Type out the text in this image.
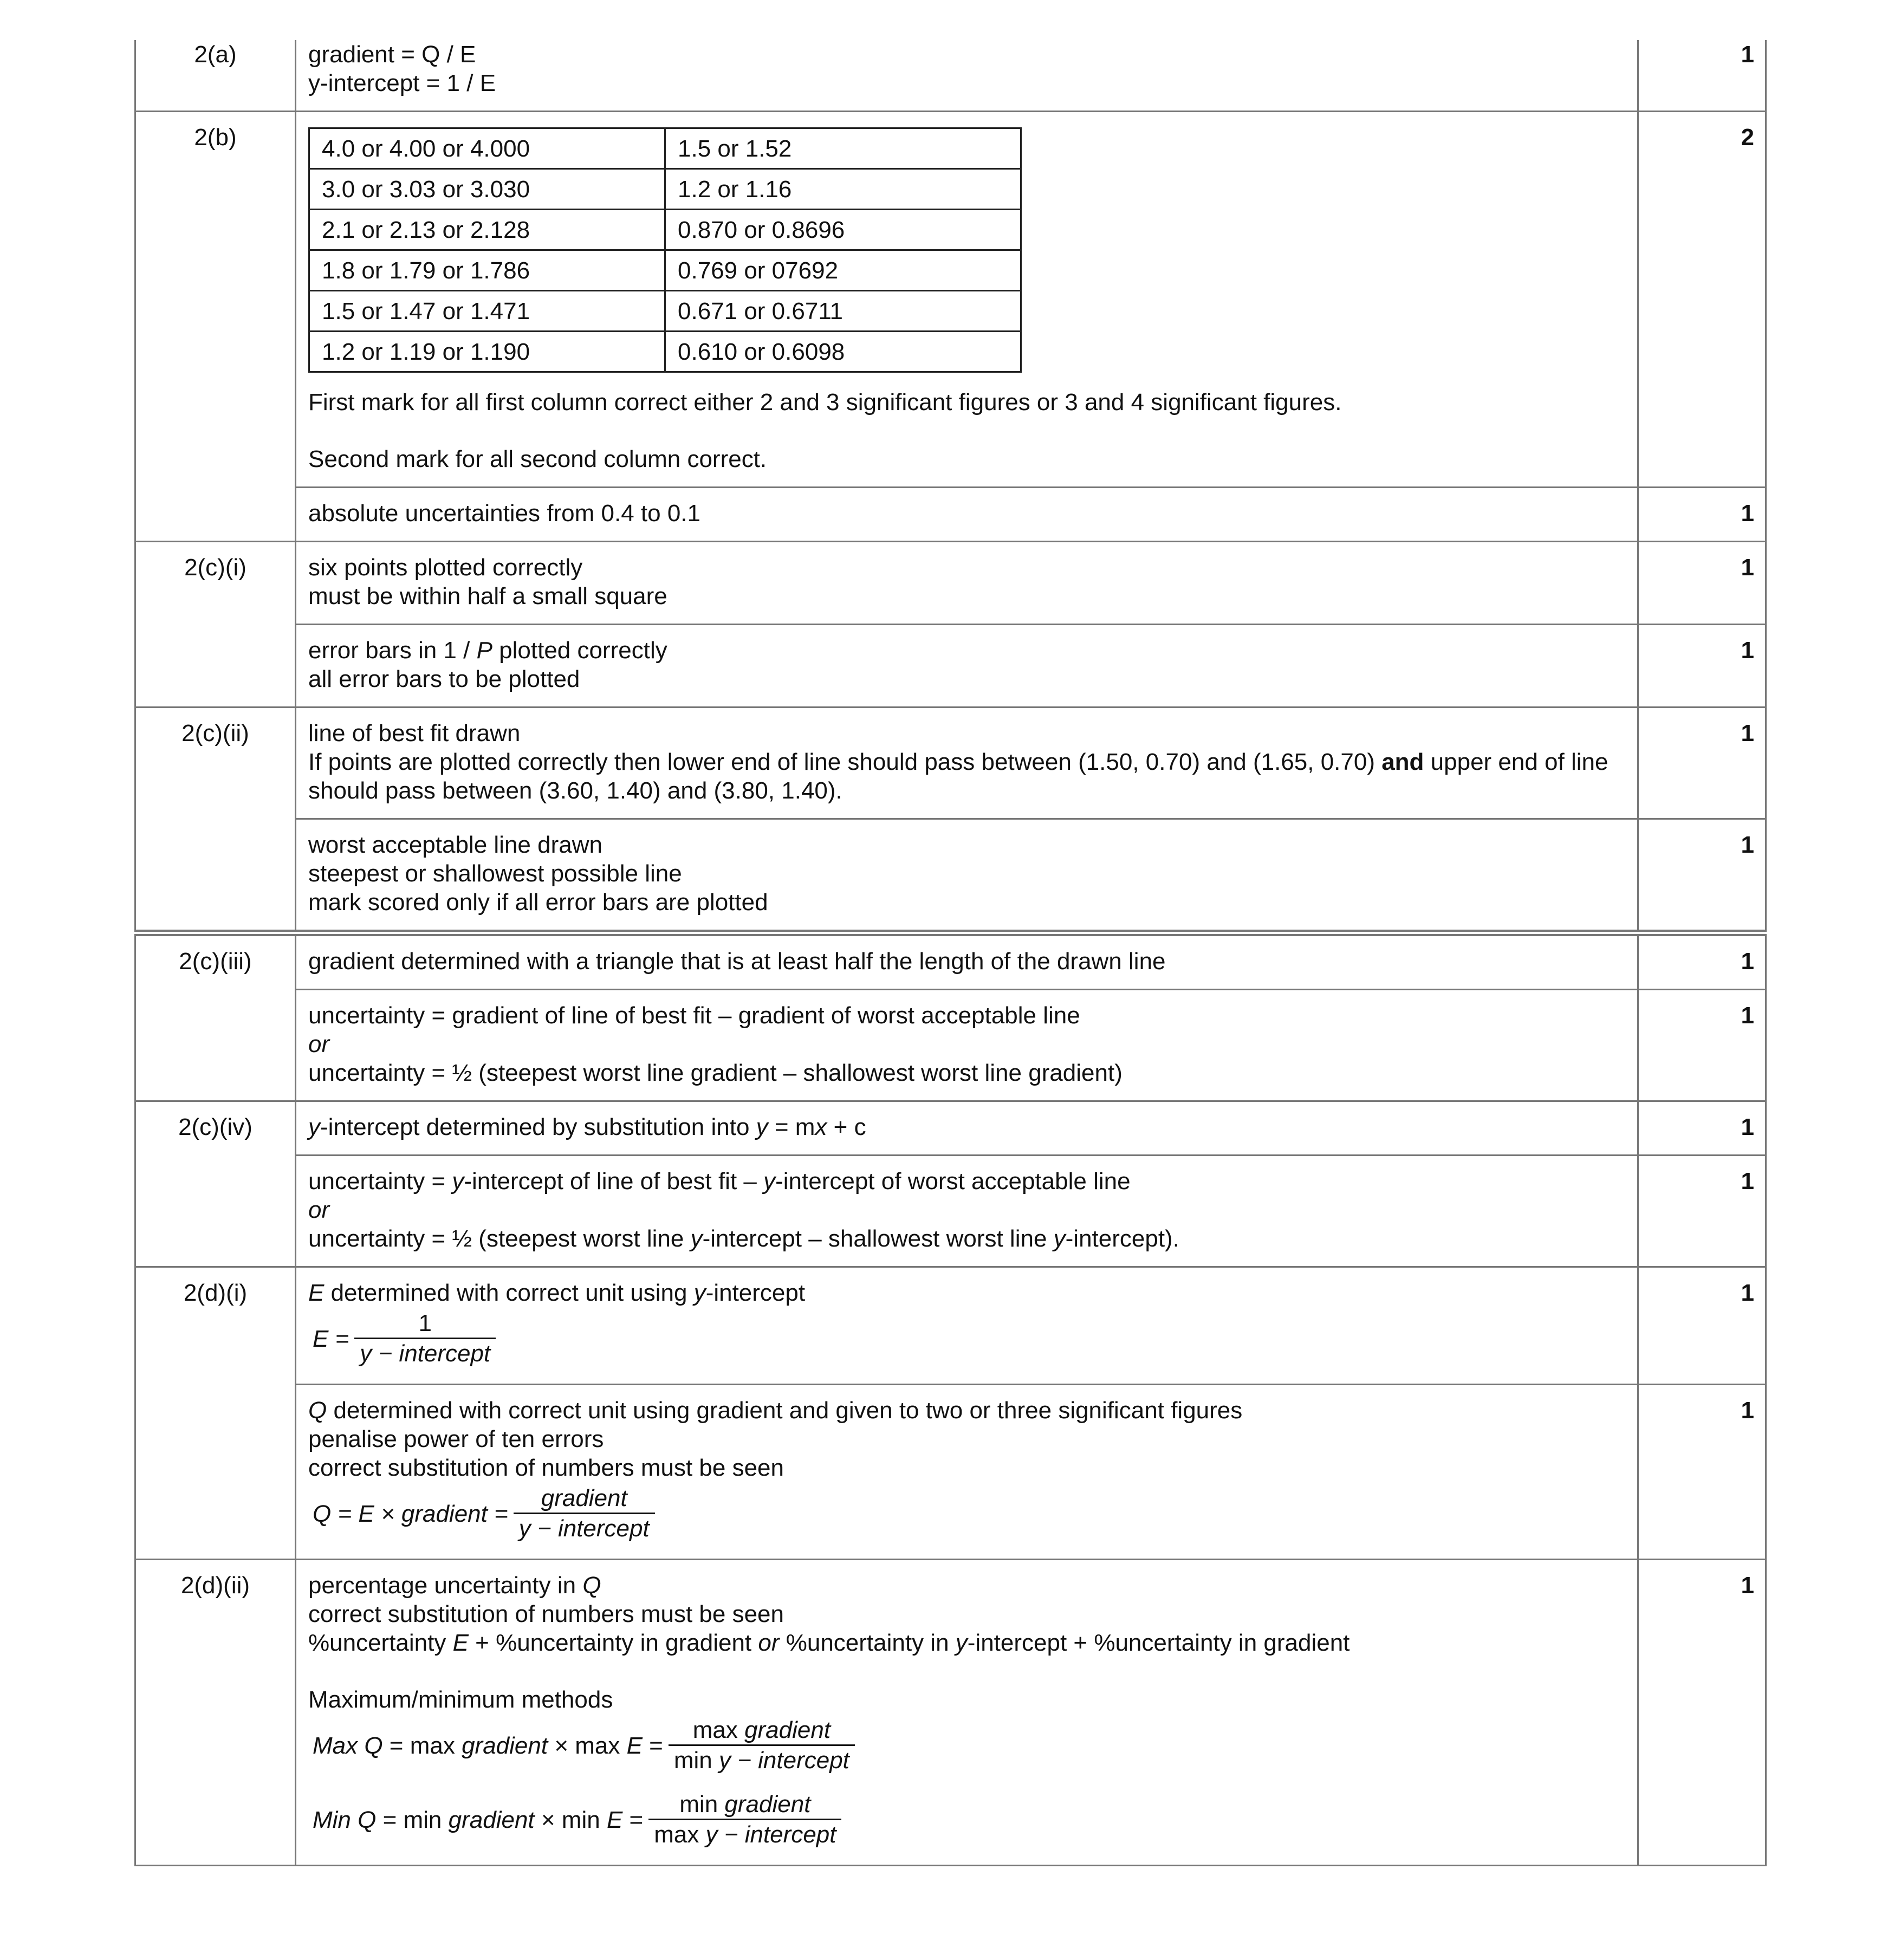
2(a)	gradient = Q / E
y-intercept = 1 / E
	1
2(b)		4.0 or 4.00 or 4.000	1.5 or 1.52
3.0 or 3.03 or 3.030	1.2 or 1.16
2.1 or 2.13 or 2.128	0.870 or 0.8696
1.8 or 1.79 or 1.786	0.769 or 07692
1.5 or 1.47 or 1.471	0.671 or 0.6711
1.2 or 1.19 or 1.190	0.610 or 0.6098
First mark for all first column correct either 2 and 3 significant figures or 3 and 4 significant figures.
Second mark for all second column correct.
	2

absolute uncertainties from 0.4 to 0.1	1
2(c)(i)	six points plotted correctly
must be within half a small square
	1

error bars in 1 / P plotted correctly
all error bars to be plotted
	1
2(c)(ii)	line of best fit drawn
If points are plotted correctly then lower end of line should pass between (1.50, 0.70) and (1.65, 0.70) and upper end of line should pass between (3.60, 1.40) and (3.80, 1.40).
	1

worst acceptable line drawn
steepest or shallowest possible line
mark scored only if all error bars are plotted
	1
2(c)(iii)	gradient determined with a triangle that is at least half the length of the drawn line	1

uncertainty = gradient of line of best fit – gradient of worst acceptable line
or
uncertainty = ½ (steepest worst line gradient – shallowest worst line gradient)
	1
2(c)(iv)	y-intercept determined by substitution into y = mx + c	1

uncertainty = y-intercept of line of best fit – y-intercept of worst acceptable line
or
uncertainty = ½ (steepest worst line y-intercept – shallowest worst line y-intercept).
	1
2(d)(i)	E determined with correct unit using y-intercept
$E = \frac{1}{\text{y − intercept}}$
	1

Q determined with correct unit using gradient and given to two or three significant figures
penalise power of ten errors
correct substitution of numbers must be seen
Q = E × gradient = $\frac{\text{gradient}}{\text{y − intercept}}$
	1
2(d)(ii)	percentage uncertainty in Q
correct substitution of numbers must be seen
%uncertainty E + %uncertainty in gradient or %uncertainty in y-intercept + %uncertainty in gradient
Maximum/minimum methods
Max Q = max gradient × $\max E = \frac{\text{max gradient}}{\text{min y − intercept}}$
Min Q = min gradient × $\min E = \frac{\text{min gradient}}{\text{max y − intercept}}$
	1
